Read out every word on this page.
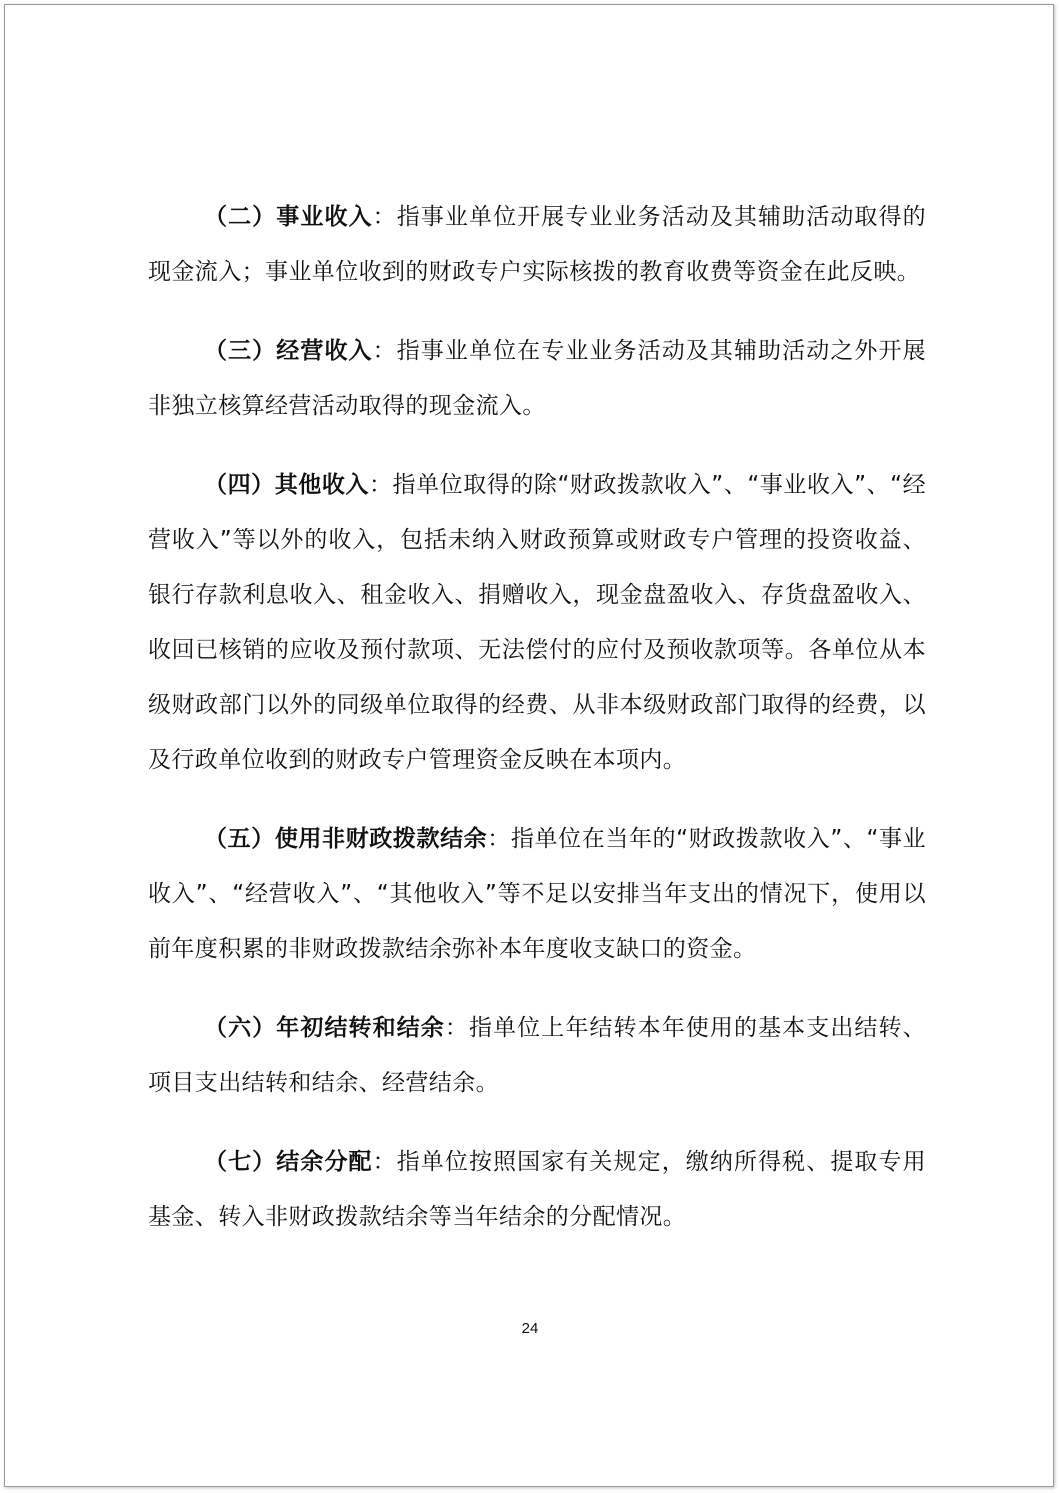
（二）事业收入：指事业单位开展专业业务活动及其辅助活动取得的现金流入；事业单位收到的财政专户实际核拨的教育收费等资金在此反映。

（三）经营收入：指事业单位在专业业务活动及其辅助活动之外开展非独立核算经营活动取得的现金流入。

（四）其他收入：指单位取得的除“财政拨款收入”、“事业收入”、“经营收入”等以外的收入，包括未纳入财政预算或财政专户管理的投资收益、银行存款利息收入、租金收入、捐赠收入，现金盘盈收入、存货盘盈收入、收回已核销的应收及预付款项、无法偿付的应付及预收款项等。各单位从本级财政部门以外的同级单位取得的经费、从非本级财政部门取得的经费，以及行政单位收到的财政专户管理资金反映在本项内。

（五）使用非财政拨款结余：指单位在当年的“财政拨款收入”、“事业收入”、“经营收入”、“其他收入”等不足以安排当年支出的情况下，使用以前年度积累的非财政拨款结余弥补本年度收支缺口的资金。

（六）年初结转和结余：指单位上年结转本年使用的基本支出结转、项目支出结转和结余、经营结余。

（七）结余分配：指单位按照国家有关规定，缴纳所得税、提取专用基金、转入非财政拨款结余等当年结余的分配情况。

24
